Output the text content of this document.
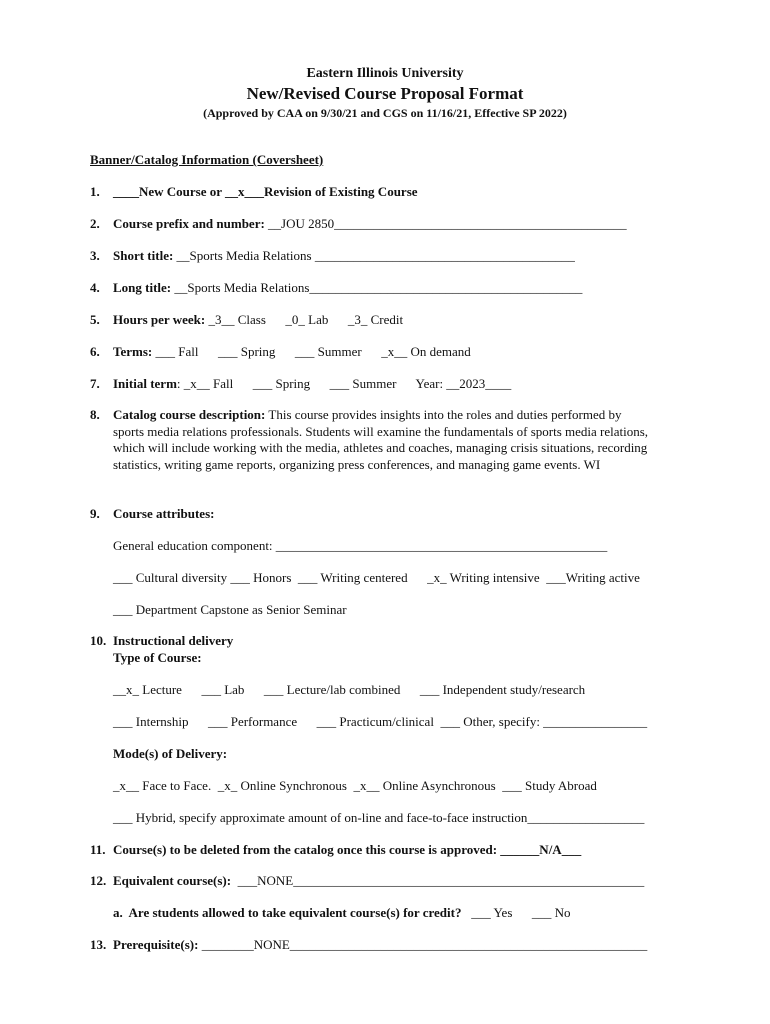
Eastern Illinois University
New/Revised Course Proposal Format
(Approved by CAA on 9/30/21 and CGS on 11/16/21, Effective SP 2022)
Banner/Catalog Information (Coversheet)
1. ____New Course or __x___Revision of Existing Course
2. Course prefix and number: __JOU 2850_____________________________________________
3. Short title: __Sports Media Relations ________________________________________
4. Long title: __Sports Media Relations__________________________________________
5. Hours per week: _3__ Class      _0_ Lab      _3_ Credit
6. Terms: ___ Fall      ___ Spring      ___ Summer      _x__ On demand
7. Initial term: _x__ Fall      ___ Spring      ___ Summer      Year: __2023____
8. Catalog course description: This course provides insights into the roles and duties performed by sports media relations professionals. Students will examine the fundamentals of sports media relations, which will include working with the media, athletes and coaches, managing crisis situations, recording statistics, writing game reports, organizing press conferences, and managing game events. WI
9. Course attributes:
General education component: ___________________________________________________
___ Cultural diversity ___ Honors  ___ Writing centered      _x_ Writing intensive  ___Writing active
___ Department Capstone as Senior Seminar
10. Instructional delivery
Type of Course:
__x_ Lecture      ___ Lab      ___ Lecture/lab combined      ___ Independent study/research
___ Internship      ___ Performance      ___ Practicum/clinical  ___ Other, specify: ________________
Mode(s) of Delivery:
_x__ Face to Face.  _x_ Online Synchronous  _x__ Online Asynchronous  ___ Study Abroad
___ Hybrid, specify approximate amount of on-line and face-to-face instruction__________________
11. Course(s) to be deleted from the catalog once this course is approved: ______N/A___
12. Equivalent course(s):  ___NONE______________________________________________________
a.  Are students allowed to take equivalent course(s) for credit?   ___ Yes      ___ No
13. Prerequisite(s): ________NONE_______________________________________________________
